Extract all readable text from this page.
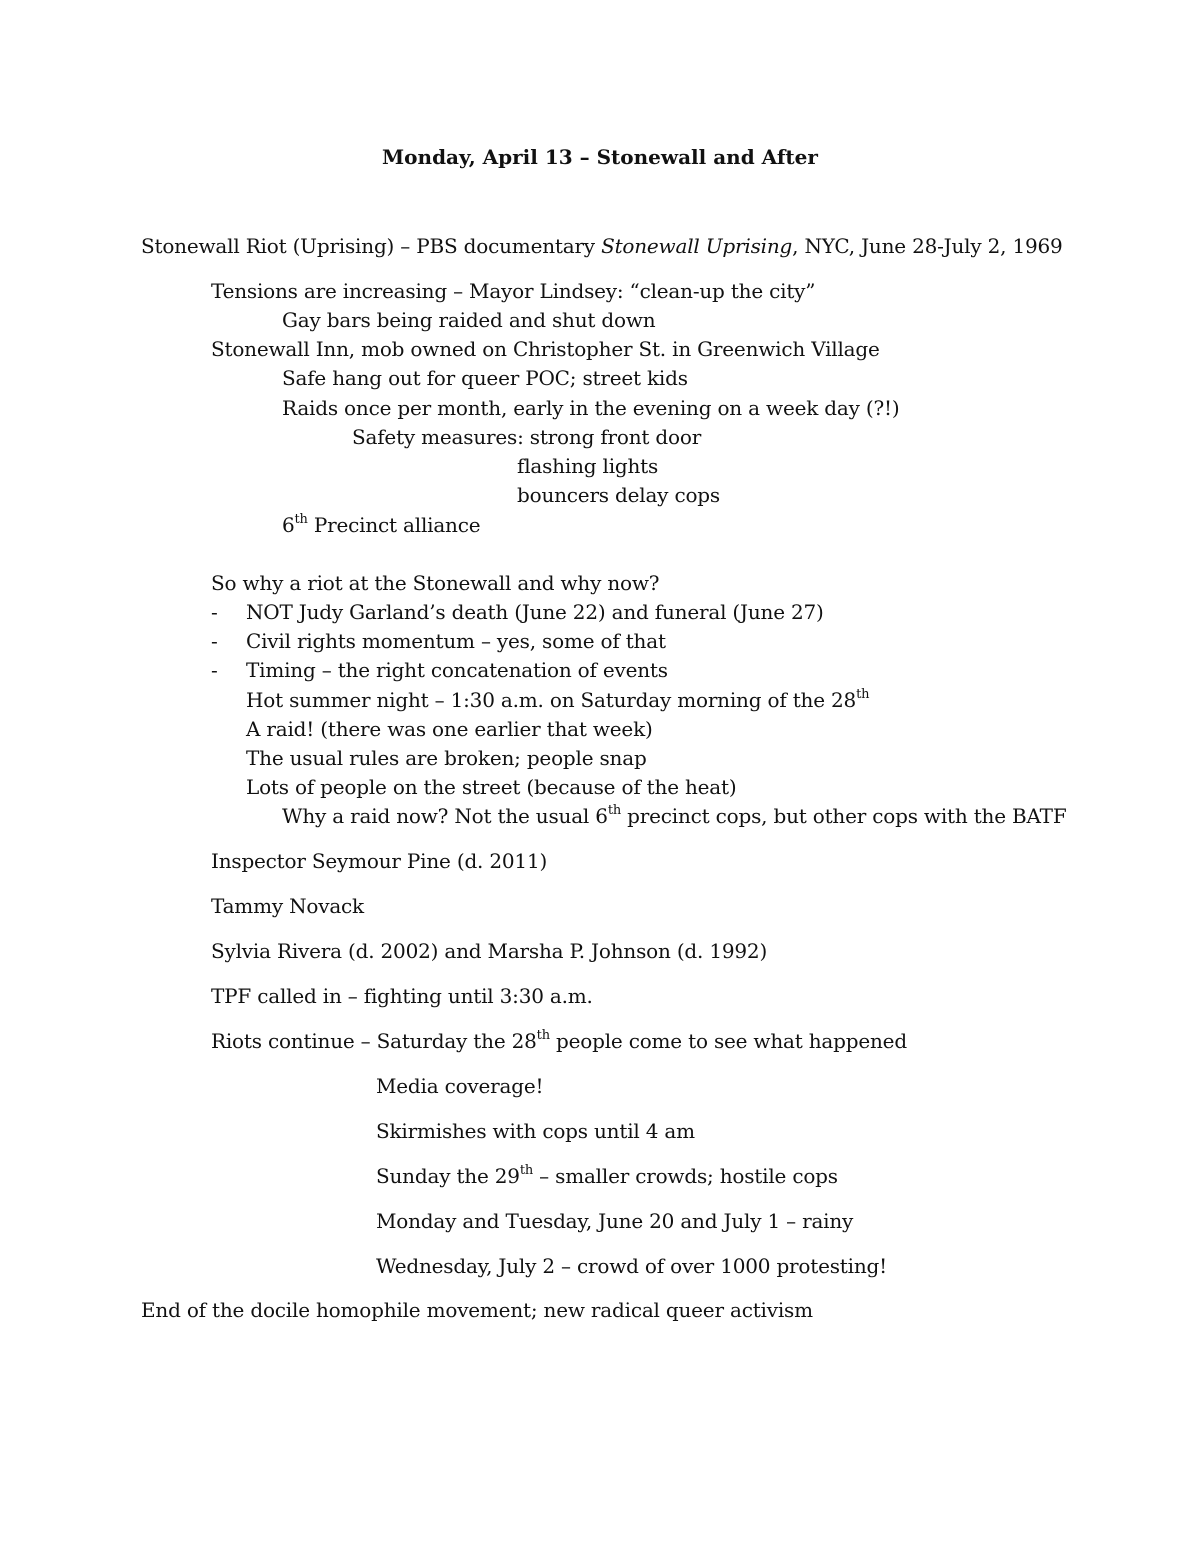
Monday, April 13 – Stonewall and After
Stonewall Riot (Uprising) – PBS documentary Stonewall Uprising, NYC, June 28-July 2, 1969
Tensions are increasing – Mayor Lindsey: “clean-up the city”
Gay bars being raided and shut down
Stonewall Inn, mob owned on Christopher St. in Greenwich Village
Safe hang out for queer POC; street kids
Raids once per month, early in the evening on a week day (?!)
Safety measures: strong front door
flashing lights
bouncers delay cops
6th Precinct alliance
So why a riot at the Stonewall and why now?
- NOT Judy Garland’s death (June 22) and funeral (June 27)
- Civil rights momentum – yes, some of that
- Timing – the right concatenation of events
Hot summer night – 1:30 a.m. on Saturday morning of the 28th
A raid! (there was one earlier that week)
The usual rules are broken; people snap
Lots of people on the street (because of the heat)
Why a raid now? Not the usual 6th precinct cops, but other cops with the BATF
Inspector Seymour Pine (d. 2011)
Tammy Novack
Sylvia Rivera (d. 2002) and Marsha P. Johnson (d. 1992)
TPF called in – fighting until 3:30 a.m.
Riots continue – Saturday the 28th people come to see what happened
Media coverage!
Skirmishes with cops until 4 am
Sunday the 29th – smaller crowds; hostile cops
Monday and Tuesday, June 20 and July 1 – rainy
Wednesday, July 2 – crowd of over 1000 protesting!
End of the docile homophile movement; new radical queer activism
